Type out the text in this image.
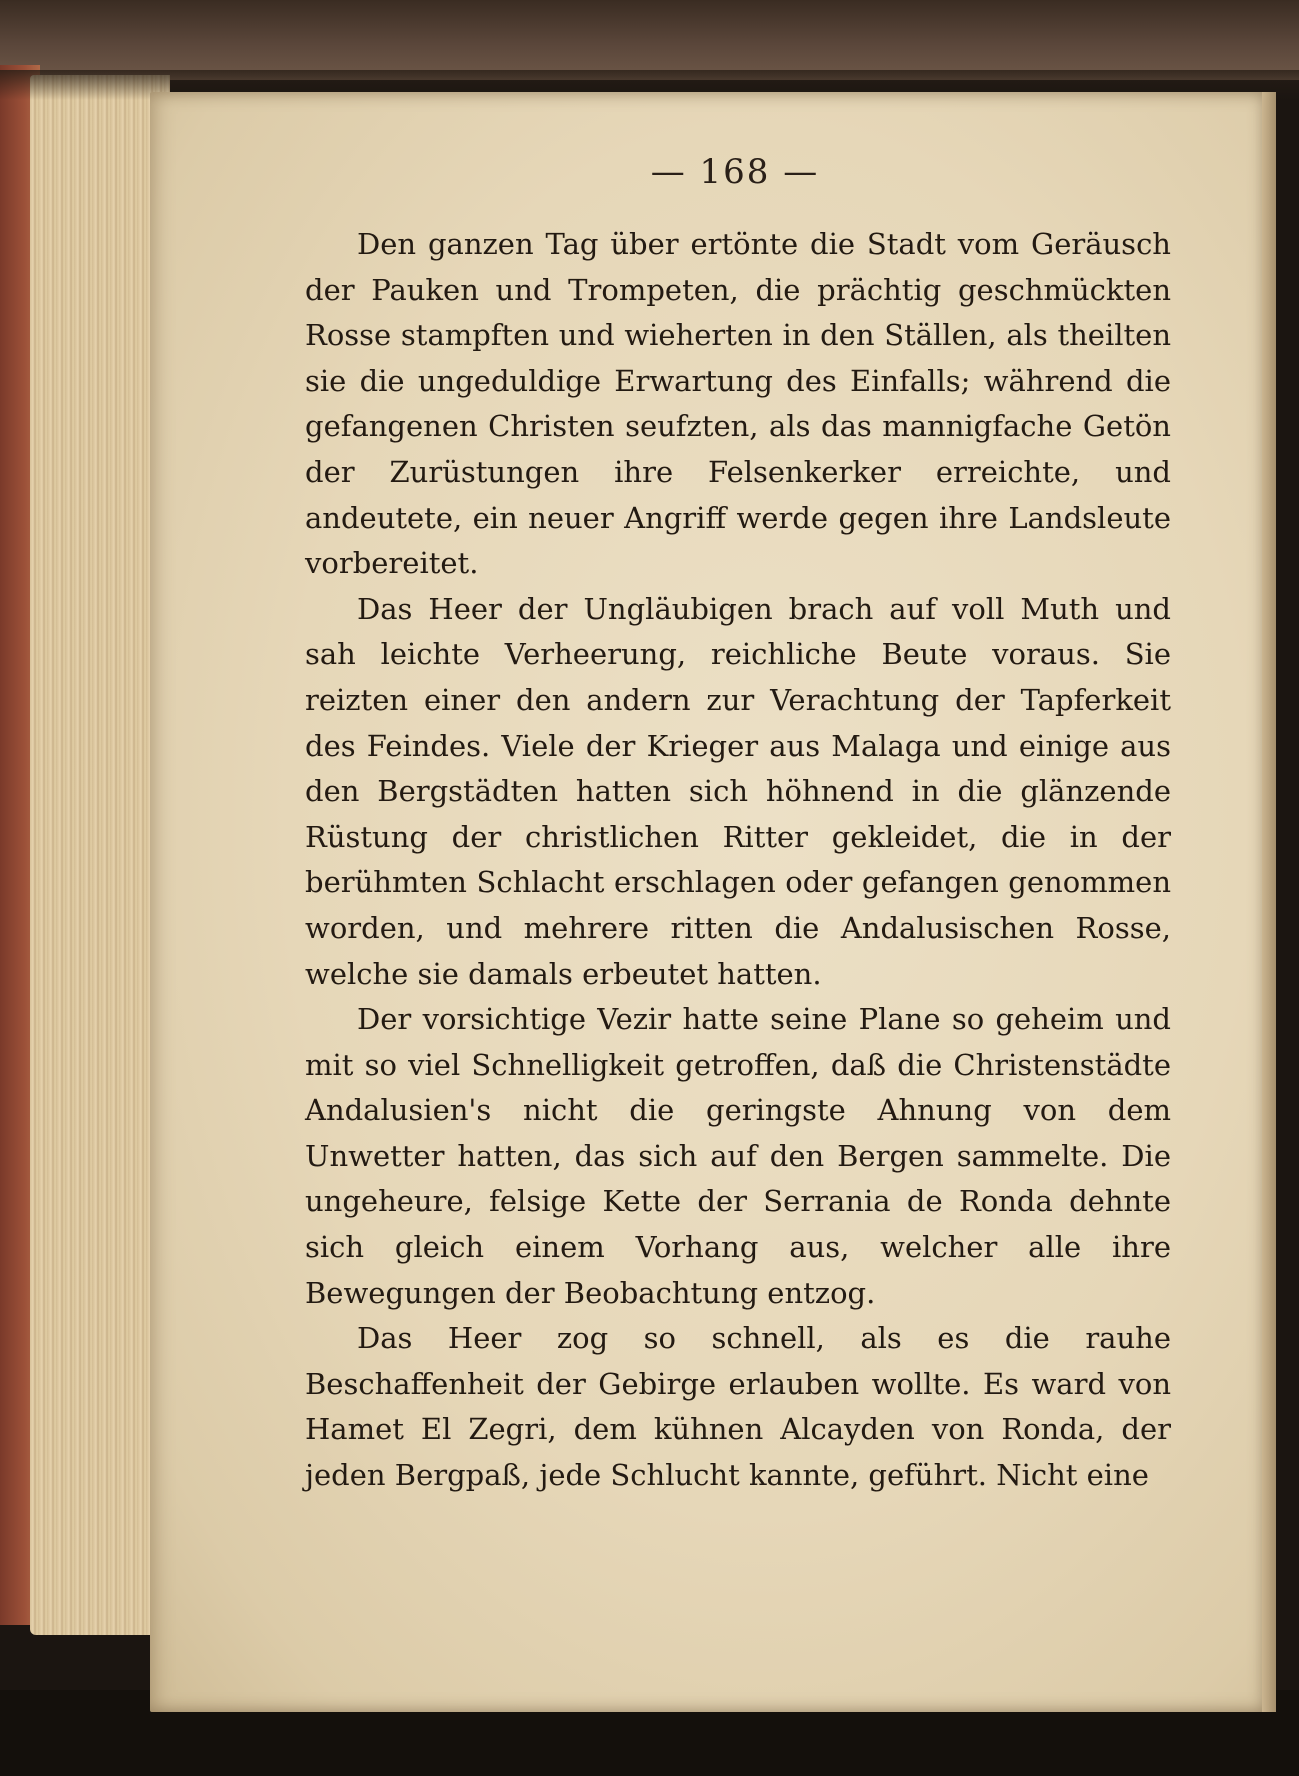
— 168 —

Den ganzen Tag über ertönte die Stadt vom Geräusch der Pauken und Trompeten, die prächtig geschmückten Rosse stampften und wieherten in den Ställen, als theilten sie die ungeduldige Erwartung des Einfalls; während die gefangenen Christen seufzten, als das mannigfache Getön der Zurüstungen ihre Felsenkerker erreichte, und andeutete, ein neuer Angriff werde gegen ihre Landsleute vorbereitet.

Das Heer der Ungläubigen brach auf voll Muth und sah leichte Verheerung, reichliche Beute voraus. Sie reizten einer den andern zur Verachtung der Tapferkeit des Feindes. Viele der Krieger aus Malaga und einige aus den Bergstädten hatten sich höhnend in die glänzende Rüstung der christlichen Ritter gekleidet, die in der berühmten Schlacht erschlagen oder gefangen genommen worden, und mehrere ritten die Andalusischen Rosse, welche sie damals erbeutet hatten.

Der vorsichtige Vezir hatte seine Plane so geheim und mit so viel Schnelligkeit getroffen, daß die Christenstädte Andalusien's nicht die geringste Ahnung von dem Unwetter hatten, das sich auf den Bergen sammelte. Die ungeheure, felsige Kette der Serrania de Ronda dehnte sich gleich einem Vorhang aus, welcher alle ihre Bewegungen der Beobachtung entzog.

Das Heer zog so schnell, als es die rauhe Beschaffenheit der Gebirge erlauben wollte. Es ward von Hamet El Zegri, dem kühnen Alcayden von Ronda, der jeden Bergpaß, jede Schlucht kannte, geführt. Nicht eine
